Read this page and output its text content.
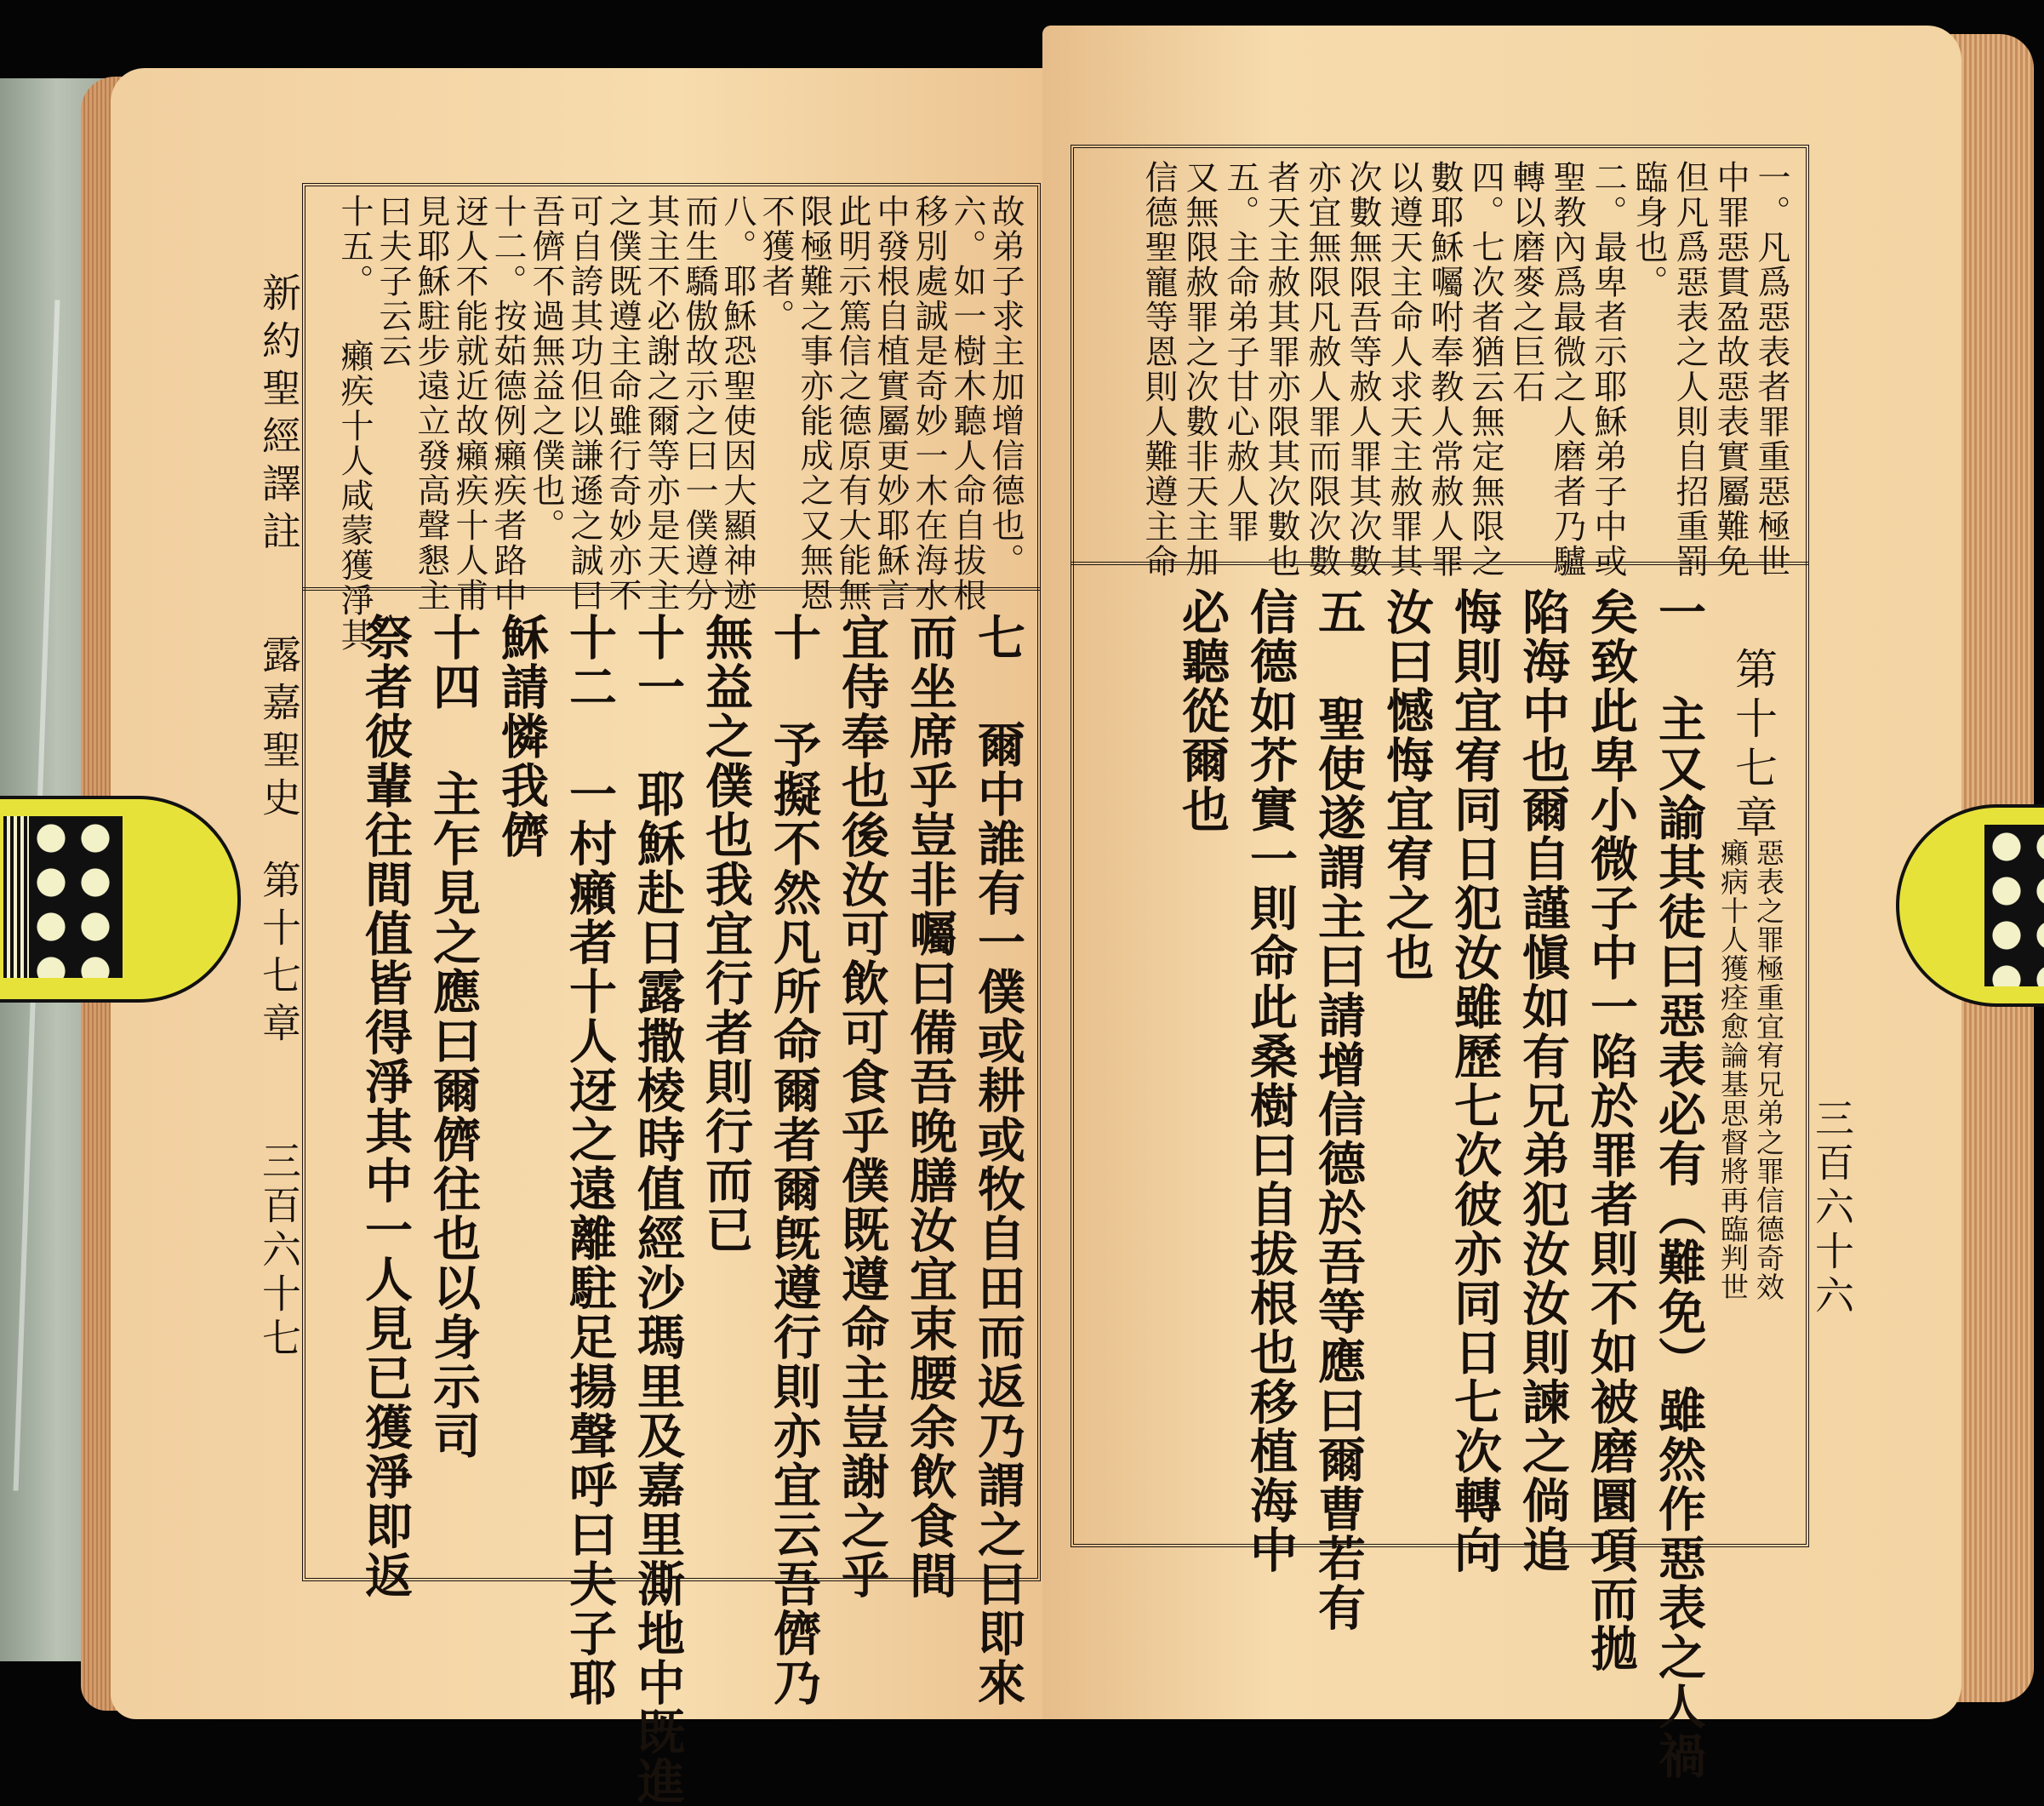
新約聖經譯註
露嘉聖史
第十七章
三百六十七
故弟子求主加增信德也。
六。如一樹木聽人命自拔根
移別處誠是奇妙一木在海水
中發根自植實屬更妙耶穌言
此明示篤信之德原有大能無
限極難之事亦能成之又無恩
不獲者。
八。耶穌恐聖使因大顯神迹
而生驕傲故示之曰一僕遵分
其主不必謝之爾等亦是天主
之僕既遵主命雖行奇妙亦不
可自誇其功但以謙遜之誠曰
吾儕不過無益之僕也。
十二。按茹德例癩疾者路中
迓人不能就近故癩疾十人甫
見耶穌駐步遠立發高聲懇主
曰夫子云云
十五。 癩疾十人咸蒙獲淨其
七 爾中誰有一僕或耕或牧自田而返乃謂之曰即來
而坐席乎豈非囑曰備吾晚膳汝宜束腰余飲食間
宜侍奉也後汝可飲可食乎僕既遵命主豈謝之乎
十 予擬不然凡所命爾者爾旣遵行則亦宜云吾儕乃
無益之僕也我宜行者則行而已
十一 耶穌赴日露撒棱時值經沙瑪里及嘉里澌地中既進
十二 一村癩者十人迓之遠離駐足揚聲呼曰夫子耶
穌請憐我儕
十四 主乍見之應曰爾儕往也以身示司
祭者彼輩往間值皆得淨其中一人見已獲淨即返	三百六十六
第十七章
惡表之罪極重宜宥兄弟之罪信德奇效
癩病十人獲痊愈論基思督將再臨判世
一。凡爲惡表者罪重惡極世
中罪惡貫盈故惡表實屬難免
但凡爲惡表之人則自招重罰
臨身也。
二。最卑者示耶穌弟子中或
聖教內爲最微之人磨者乃驢
轉以磨麥之巨石
四。七次者猶云無定無限之
數耶穌囑咐奉教人常赦人罪
以遵天主命人求天主赦罪其
次數無限吾等赦人罪其次數
亦宜無限凡赦人罪而限次數
者天主赦其罪亦限其次數也
五。主命弟子甘心赦人罪
又無限赦罪之次數非天主加
信德聖寵等恩則人難遵主命
一 主又諭其徒曰惡表必有（難免）雖然作惡表之人禍
矣致此卑小微子中一陷於罪者則不如被磨圜項而拋
陷海中也爾自謹愼如有兄弟犯汝汝則諫之倘追
悔則宜宥同日犯汝雖歷七次彼亦同日七次轉向
汝曰憾悔宜宥之也
五 聖使遂謂主曰請增信德於吾等應曰爾曹若有
信德如芥實一則命此桑樹曰自拔根也移植海中
必聽從爾也
